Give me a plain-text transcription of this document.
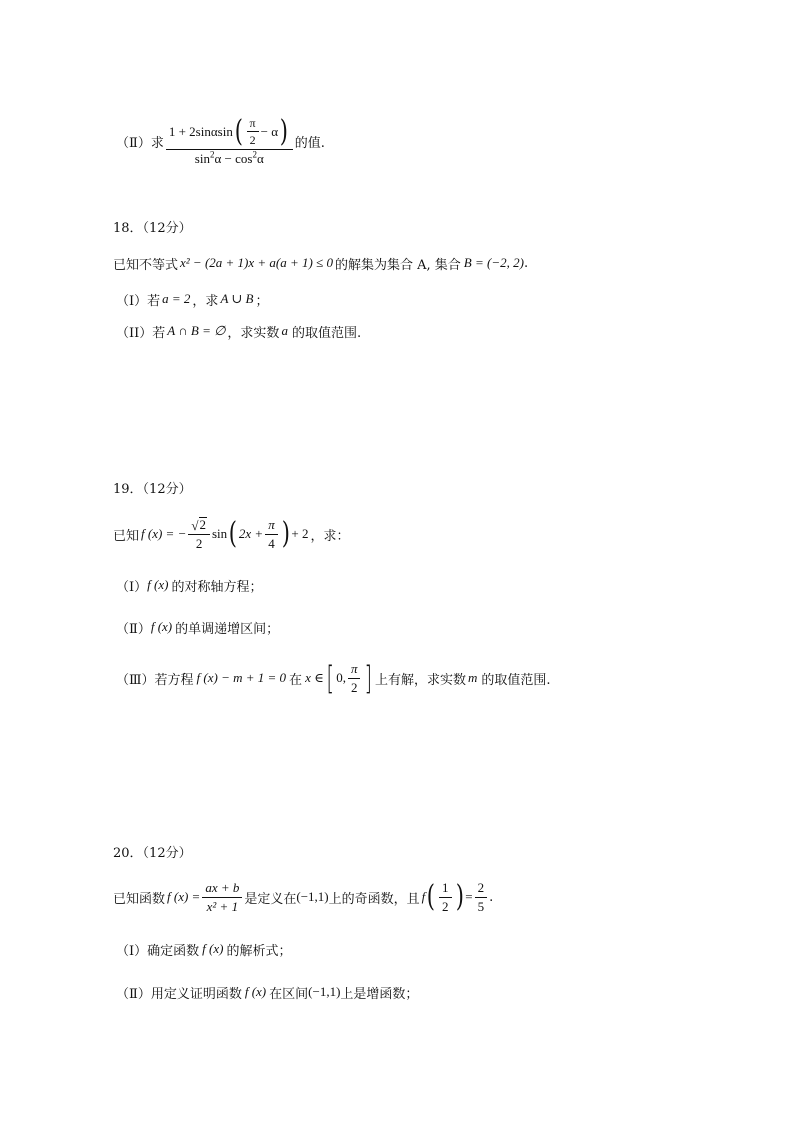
（Ⅱ）求
1 + 2sinαsin ( $\frac{\pi}{2} - \alpha$ )
$\sin^2\alpha - \cos^2\alpha$
的值.
18．（12分）
已知不等式 x² − (2a + 1)x + a(a + 1) ≤ 0 的解集为集合 A, 集合 B = (−2, 2) .
（I）若 a = 2 ，求 A ∪ B ；
（II）若 A ∩ B = ∅ ，求实数 a 的取值范围.
19．（12分）
已知 f (x) = − $\frac{√ 2}{2}$ sin ( $2x + \frac{\pi}{4}$ ) + 2 ，求：
（Ⅰ） f (x) 的对称轴方程；
（Ⅱ） f (x) 的单调递增区间；
（Ⅲ）若方程 f (x) − m + 1 = 0 在 x ∈ [ 0, $\frac{\pi}{2}$ ] 上有解，求实数 m 的取值范围.
20．（12分）
已知函数 f $(x) = \frac{ax + b}{\text{x² + 1}}$ 是定义在 (−1,1) 上的奇函数，且 f ( $\frac{1}{2}$ ) = $\frac{2}{5}$ .
（Ⅰ）确定函数 f (x) 的解析式；
（Ⅱ）用定义证明函数 f (x) 在区间 (−1,1) 上是增函数；
